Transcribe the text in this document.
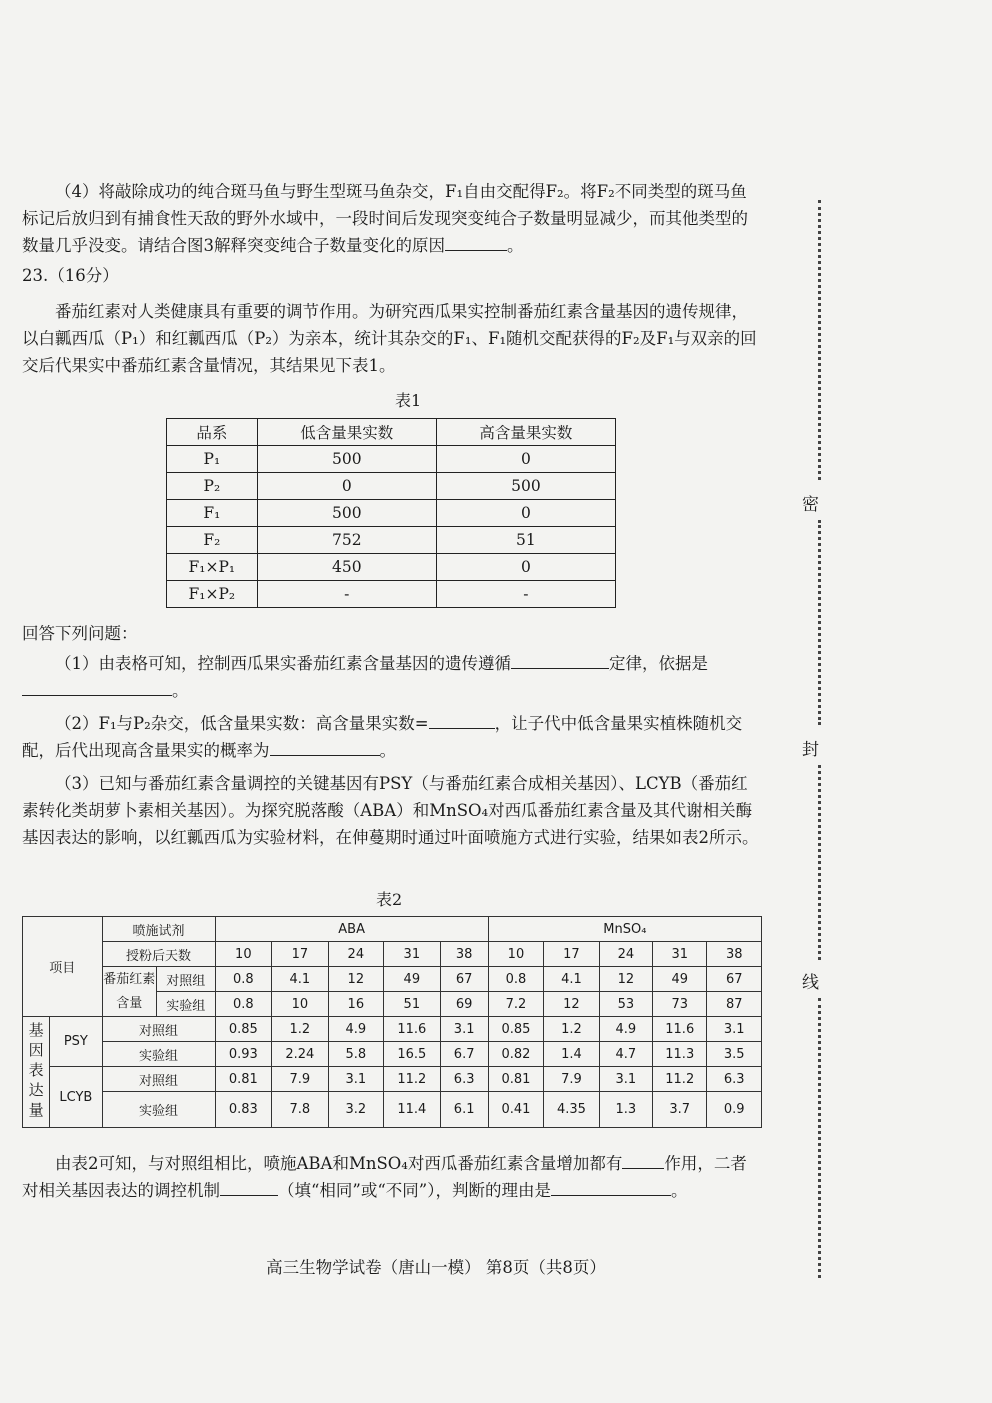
（4）将敲除成功的纯合斑马鱼与野生型斑马鱼杂交，F₁自由交配得F₂。将F₂不同类型的斑马鱼标记后放归到有捕食性天敌的野外水域中，一段时间后发现突变纯合子数量明显减少，而其他类型的数量几乎没变。请结合图3解释突变纯合子数量变化的原因	。

23.（16分）

番茄红素对人类健康具有重要的调节作用。为研究西瓜果实控制番茄红素含量基因的遗传规律，以白瓤西瓜（P₁）和红瓤西瓜（P₂）为亲本，统计其杂交的F₁、F₁随机交配获得的F₂及F₁与双亲的回交后代果实中番茄红素含量情况，其结果见下表1。

表1
品系	低含量果实数	高含量果实数
P₁	500	0
P₂	0	500
F₁	500	0
F₂	752	51
F₁×P₁	450	0
F₁×P₂	-	-

回答下列问题：

（1）由表格可知，控制西瓜果实番茄红素含量基因的遗传遵循	定律，依据是。

（2）F₁与P₂杂交，低含量果实数：高含量果实数=	，让子代中低含量果实植株随机交配，后代出现高含量果实的概率为	。

（3）已知与番茄红素含量调控的关键基因有PSY（与番茄红素合成相关基因）、LCYB（番茄红素转化类胡萝卜素相关基因）。为探究脱落酸（ABA）和MnSO₄对西瓜番茄红素含量及其代谢相关酶基因表达的影响，以红瓤西瓜为实验材料，在伸蔓期时通过叶面喷施方式进行实验，结果如表2所示。

表2
项目		喷施试剂		ABA					MnSO₄				
		授粉后天数		10	17	24	31	38	10	17	24	31	38
		番茄红素含量	对照组	0.8	4.1	12	49	67	0.8	4.1	12	49	67
			实验组	0.8	10	16	51	69	7.2	12	53	73	87
基因表达量	PSY	对照组		0.85	1.2	4.9	11.6	3.1	0.85	1.2	4.9	11.6	3.1
		实验组		0.93	2.24	5.8	16.5	6.7	0.82	1.4	4.7	11.3	3.5
	LCYB	对照组		0.81	7.9	3.1	11.2	6.3	0.81	7.9	3.1	11.2	6.3
		实验组		0.83	7.8	3.2	11.4	6.1	0.41	4.35	1.3	3.7	0.9

由表2可知，与对照组相比，喷施ABA和MnSO₄对西瓜番茄红素含量增加都有	作用，二者对相关基因表达的调控机制	（填“相同”或“不同”），判断的理由是	。

密
封
线
高三生物学试卷（唐山一模） 第8页（共8页）
